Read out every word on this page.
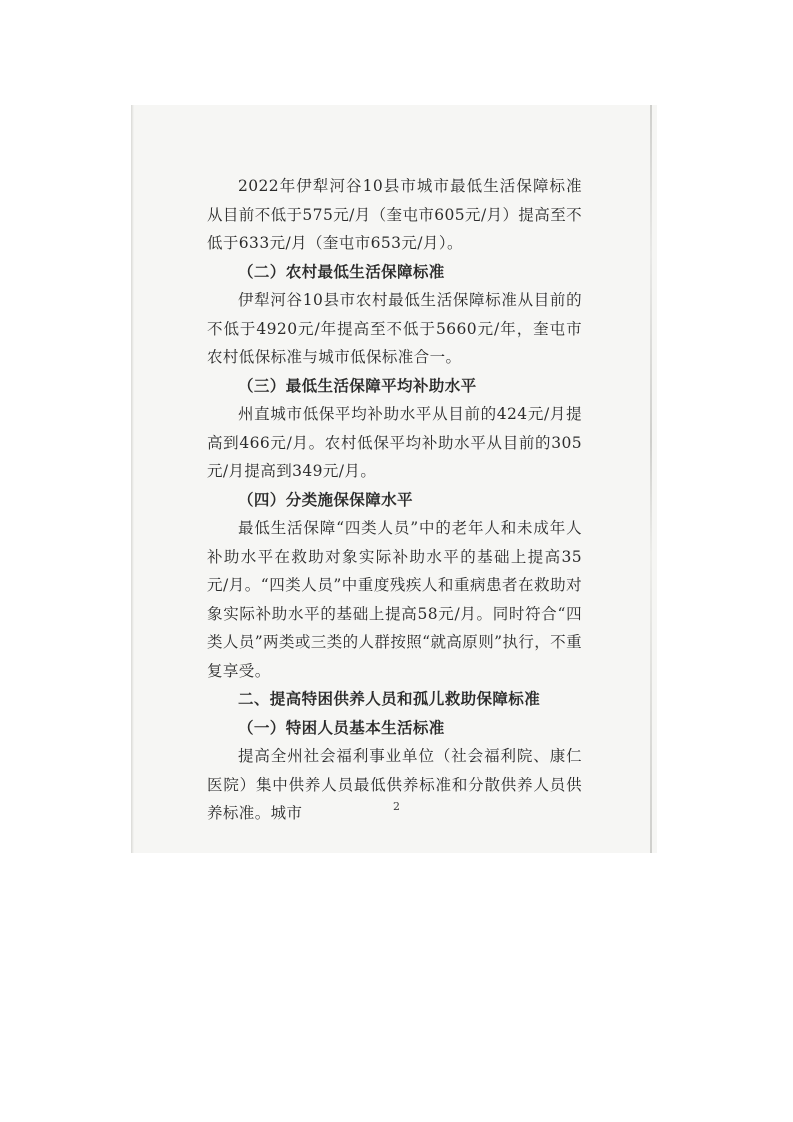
2022年伊犁河谷10县市城市最低生活保障标准从目前不低于575元/月（奎屯市605元/月）提高至不低于633元/月（奎屯市653元/月）。

（二）农村最低生活保障标准

伊犁河谷10县市农村最低生活保障标准从目前的不低于4920元/年提高至不低于5660元/年，奎屯市农村低保标准与城市低保标准合一。

（三）最低生活保障平均补助水平

州直城市低保平均补助水平从目前的424元/月提高到466元/月。农村低保平均补助水平从目前的305元/月提高到349元/月。

（四）分类施保保障水平

最低生活保障“四类人员”中的老年人和未成年人补助水平在救助对象实际补助水平的基础上提高35元/月。“四类人员”中重度残疾人和重病患者在救助对象实际补助水平的基础上提高58元/月。同时符合“四类人员”两类或三类的人群按照“就高原则”执行，不重复享受。

二、提高特困供养人员和孤儿救助保障标准

（一）特困人员基本生活标准

提高全州社会福利事业单位（社会福利院、康仁医院）集中供养人员最低供养标准和分散供养人员供养标准。城市	2
